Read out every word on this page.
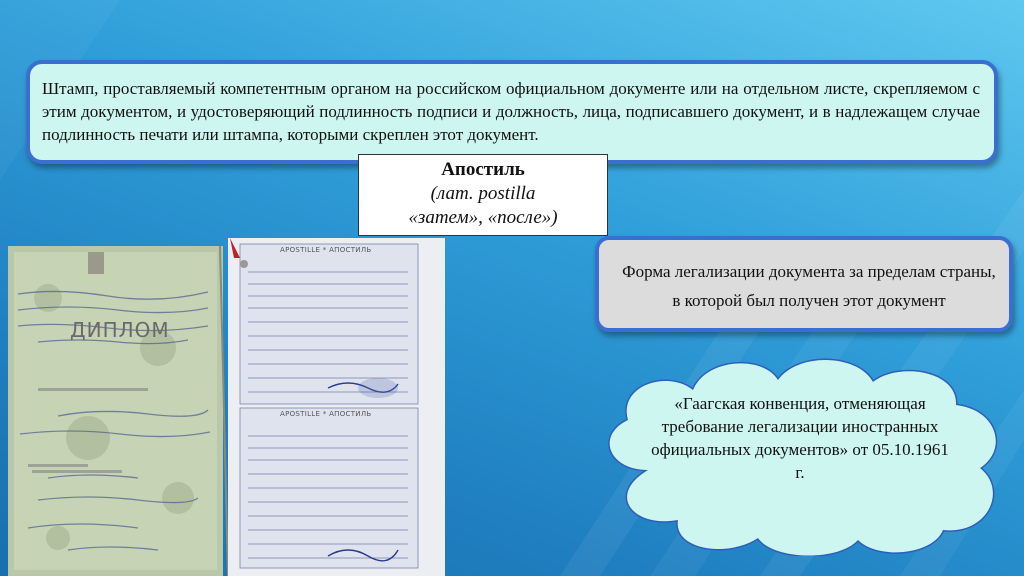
Штамп, проставляемый компетентным органом на российском официальном документе или на отдельном листе, скрепляемом с этим документом, и удостоверяющий подлинность подписи и должность, лица, подписавшего документ, и в надлежащем случае подлинность печати или штампа, которыми скреплен этот документ.
Апостиль
(лат. postilla
«затем», «после»)
Форма легализации документа за пределам страны, в которой был получен этот документ
«Гаагская конвенция, отменяющая требование легализации иностранных официальных документов» от 05.10.1961 г.
ДИПЛОМ
APOSTILLE * АПОСТИЛЬ
APOSTILLE * АПОСТИЛЬ
